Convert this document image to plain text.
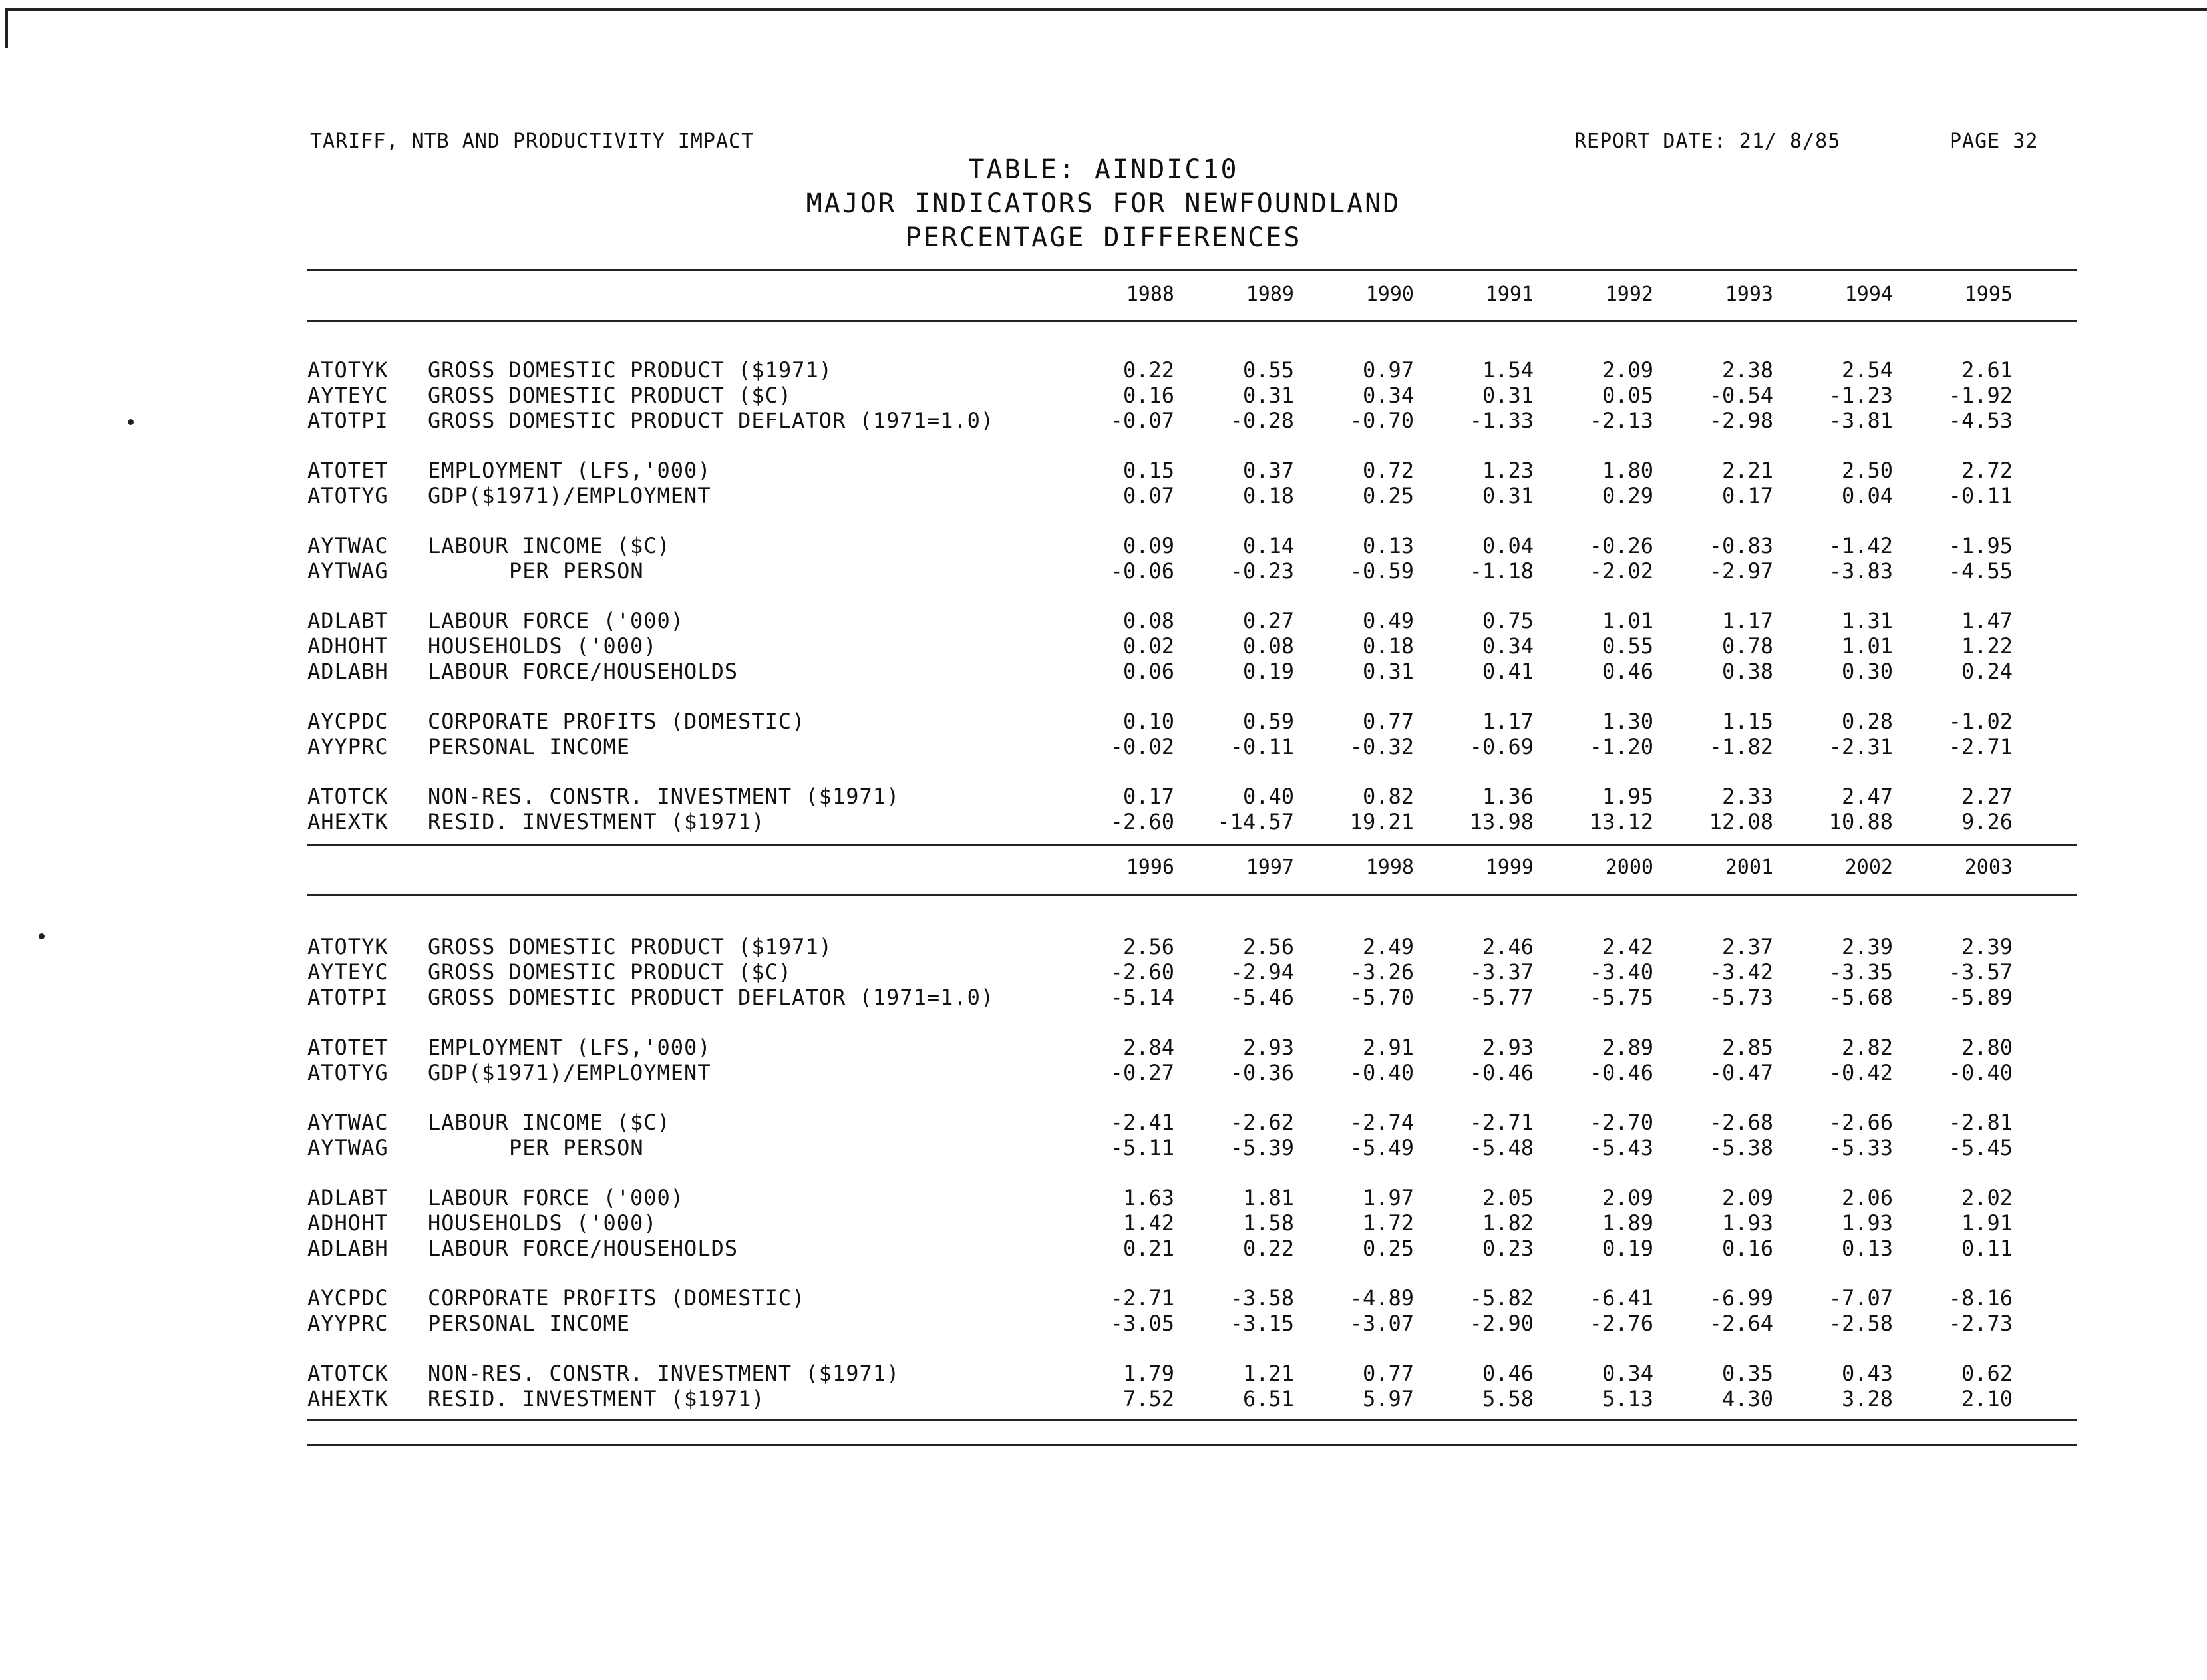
TARIFF, NTB AND PRODUCTIVITY IMPACT	REPORT DATE: 21/ 8/85	PAGE 32
TABLE: AINDIC10
MAJOR INDICATORS FOR NEWFOUNDLAND
PERCENTAGE DIFFERENCES
1988	1989	1990	1991	1992	1993	1994	1995
ATOTYK GROSS DOMESTIC PRODUCT ($1971)	0.22	0.55	0.97	1.54	2.09	2.38	2.54	2.61
AYTEYC GROSS DOMESTIC PRODUCT ($C)	0.16	0.31	0.34	0.31	0.05	-0.54	-1.23	-1.92
ATOTPI GROSS DOMESTIC PRODUCT DEFLATOR (1971=1.0)	-0.07	-0.28	-0.70	-1.33	-2.13	-2.98	-3.81	-4.53
ATOTET EMPLOYMENT (LFS,'000)	0.15	0.37	0.72	1.23	1.80	2.21	2.50	2.72
ATOTYG GDP($1971)/EMPLOYMENT	0.07	0.18	0.25	0.31	0.29	0.17	0.04	-0.11
AYTWAC LABOUR INCOME ($C)	0.09	0.14	0.13	0.04	-0.26	-0.83	-1.42	-1.95
AYTWAG	PER PERSON	-0.06	-0.23	-0.59	-1.18	-2.02	-2.97	-3.83	-4.55
ADLABT LABOUR FORCE ('000)	0.08	0.27	0.49	0.75	1.01	1.17	1.31	1.47
ADHOHT HOUSEHOLDS ('000)	0.02	0.08	0.18	0.34	0.55	0.78	1.01	1.22
ADLABH LABOUR FORCE/HOUSEHOLDS	0.06	0.19	0.31	0.41	0.46	0.38	0.30	0.24
AYCPDC CORPORATE PROFITS (DOMESTIC)	0.10	0.59	0.77	1.17	1.30	1.15	0.28	-1.02
AYYPRC PERSONAL INCOME	-0.02	-0.11	-0.32	-0.69	-1.20	-1.82	-2.31	-2.71
ATOTCK NON-RES. CONSTR. INVESTMENT ($1971)	0.17	0.40	0.82	1.36	1.95	2.33	2.47	2.27
AHEXTK RESID. INVESTMENT ($1971)	-2.60	-14.57	19.21	13.98	13.12	12.08	10.88	9.26
1996	1997	1998	1999	2000	2001	2002	2003
ATOTYK GROSS DOMESTIC PRODUCT ($1971)	2.56	2.56	2.49	2.46	2.42	2.37	2.39	2.39
AYTEYC GROSS DOMESTIC PRODUCT ($C)	-2.60	-2.94	-3.26	-3.37	-3.40	-3.42	-3.35	-3.57
ATOTPI GROSS DOMESTIC PRODUCT DEFLATOR (1971=1.0)	-5.14	-5.46	-5.70	-5.77	-5.75	-5.73	-5.68	-5.89
ATOTET EMPLOYMENT (LFS,'000)	2.84	2.93	2.91	2.93	2.89	2.85	2.82	2.80
ATOTYG GDP($1971)/EMPLOYMENT	-0.27	-0.36	-0.40	-0.46	-0.46	-0.47	-0.42	-0.40
AYTWAC LABOUR INCOME ($C)	-2.41	-2.62	-2.74	-2.71	-2.70	-2.68	-2.66	-2.81
AYTWAG	PER PERSON	-5.11	-5.39	-5.49	-5.48	-5.43	-5.38	-5.33	-5.45
ADLABT LABOUR FORCE ('000)	1.63	1.81	1.97	2.05	2.09	2.09	2.06	2.02
ADHOHT HOUSEHOLDS ('000)	1.42	1.58	1.72	1.82	1.89	1.93	1.93	1.91
ADLABH LABOUR FORCE/HOUSEHOLDS	0.21	0.22	0.25	0.23	0.19	0.16	0.13	0.11
AYCPDC CORPORATE PROFITS (DOMESTIC)	-2.71	-3.58	-4.89	-5.82	-6.41	-6.99	-7.07	-8.16
AYYPRC PERSONAL INCOME	-3.05	-3.15	-3.07	-2.90	-2.76	-2.64	-2.58	-2.73
ATOTCK NON-RES. CONSTR. INVESTMENT ($1971)	1.79	1.21	0.77	0.46	0.34	0.35	0.43	0.62
AHEXTK RESID. INVESTMENT ($1971)	7.52	6.51	5.97	5.58	5.13	4.30	3.28	2.10
